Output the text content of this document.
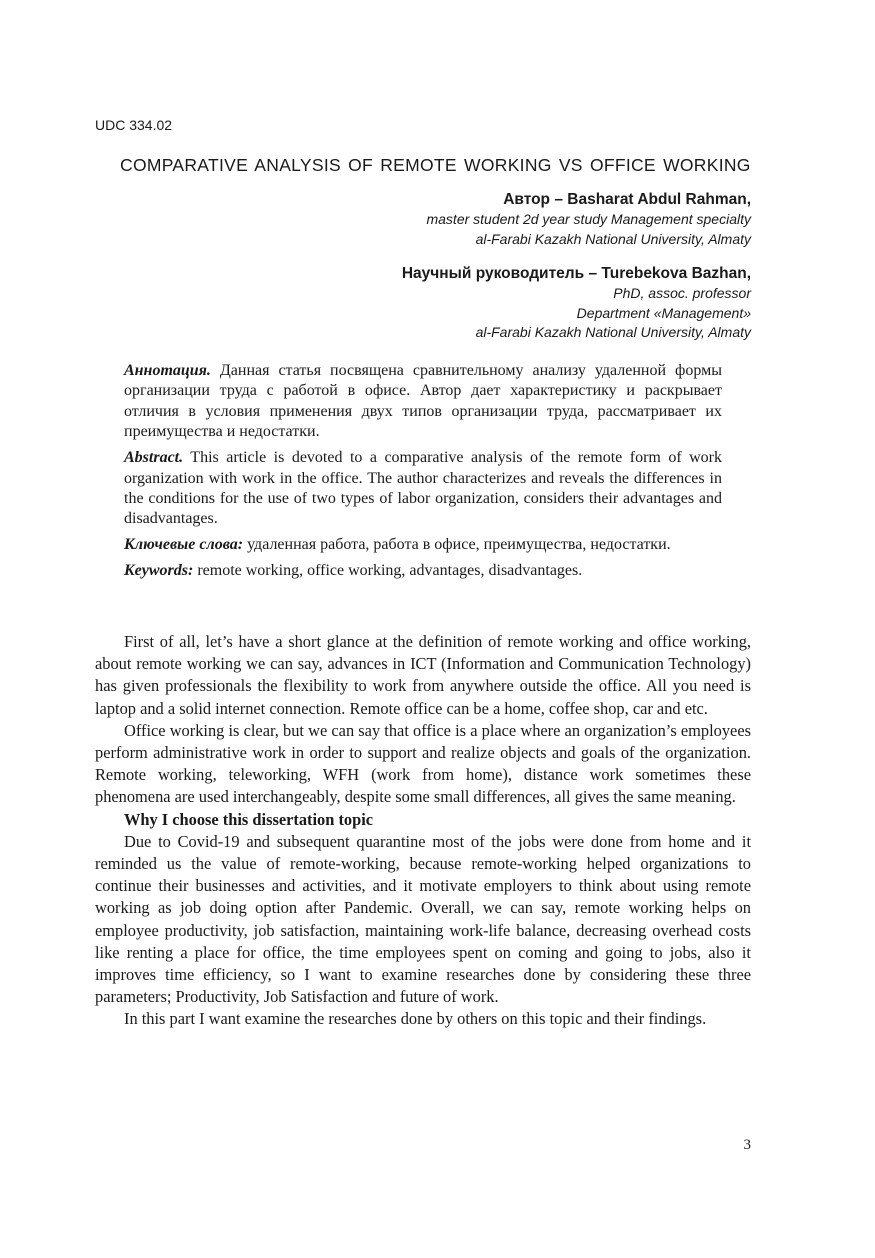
UDC 334.02
COMPARATIVE ANALYSIS OF REMOTE WORKING VS OFFICE WORKING
Автор – Basharat Abdul Rahman,
master student 2d year study Management specialty
al-Farabi Kazakh National University, Almaty
Научный руководитель – Turebekova Bazhan,
PhD, assoc. professor
Department «Management»
al-Farabi Kazakh National University, Almaty

Аннотация. Данная статья посвящена сравнительному анализу удаленной формы организации труда с работой в офисе. Автор дает характеристику и раскрывает отличия в условия применения двух типов организации труда, рассматривает их преимущества и недостатки.

Abstract. This article is devoted to a comparative analysis of the remote form of work organization with work in the office. The author characterizes and reveals the differences in the conditions for the use of two types of labor organization, considers their advantages and disadvantages.

Ключевые слова: удаленная работа, работа в офисе, преимущества, недостатки.

Keywords: remote working, office working, advantages, disadvantages.

First of all, let’s have a short glance at the definition of remote working and office working, about remote working we can say, advances in ICT (Information and Communication Technology) has given professionals the flexibility to work from anywhere outside the office. All you need is laptop and a solid internet connection. Remote office can be a home, coffee shop, car and etc.

Office working is clear, but we can say that office is a place where an organization’s employees perform administrative work in order to support and realize objects and goals of the organization. Remote working, teleworking, WFH (work from home), distance work sometimes these phenomena are used interchangeably, despite some small differences, all gives the same meaning.

Why I choose this dissertation topic

Due to Covid-19 and subsequent quarantine most of the jobs were done from home and it reminded us the value of remote-working, because remote-working helped organizations to continue their businesses and activities, and it motivate employers to think about using remote working as job doing option after Pandemic. Overall, we can say, remote working helps on employee productivity, job satisfaction, maintaining work-life balance, decreasing overhead costs like renting a place for office, the time employees spent on coming and going to jobs, also it improves time efficiency, so I want to examine researches done by considering these three parameters; Productivity, Job Satisfaction and future of work.

In this part I want examine the researches done by others on this topic and their findings.

3
